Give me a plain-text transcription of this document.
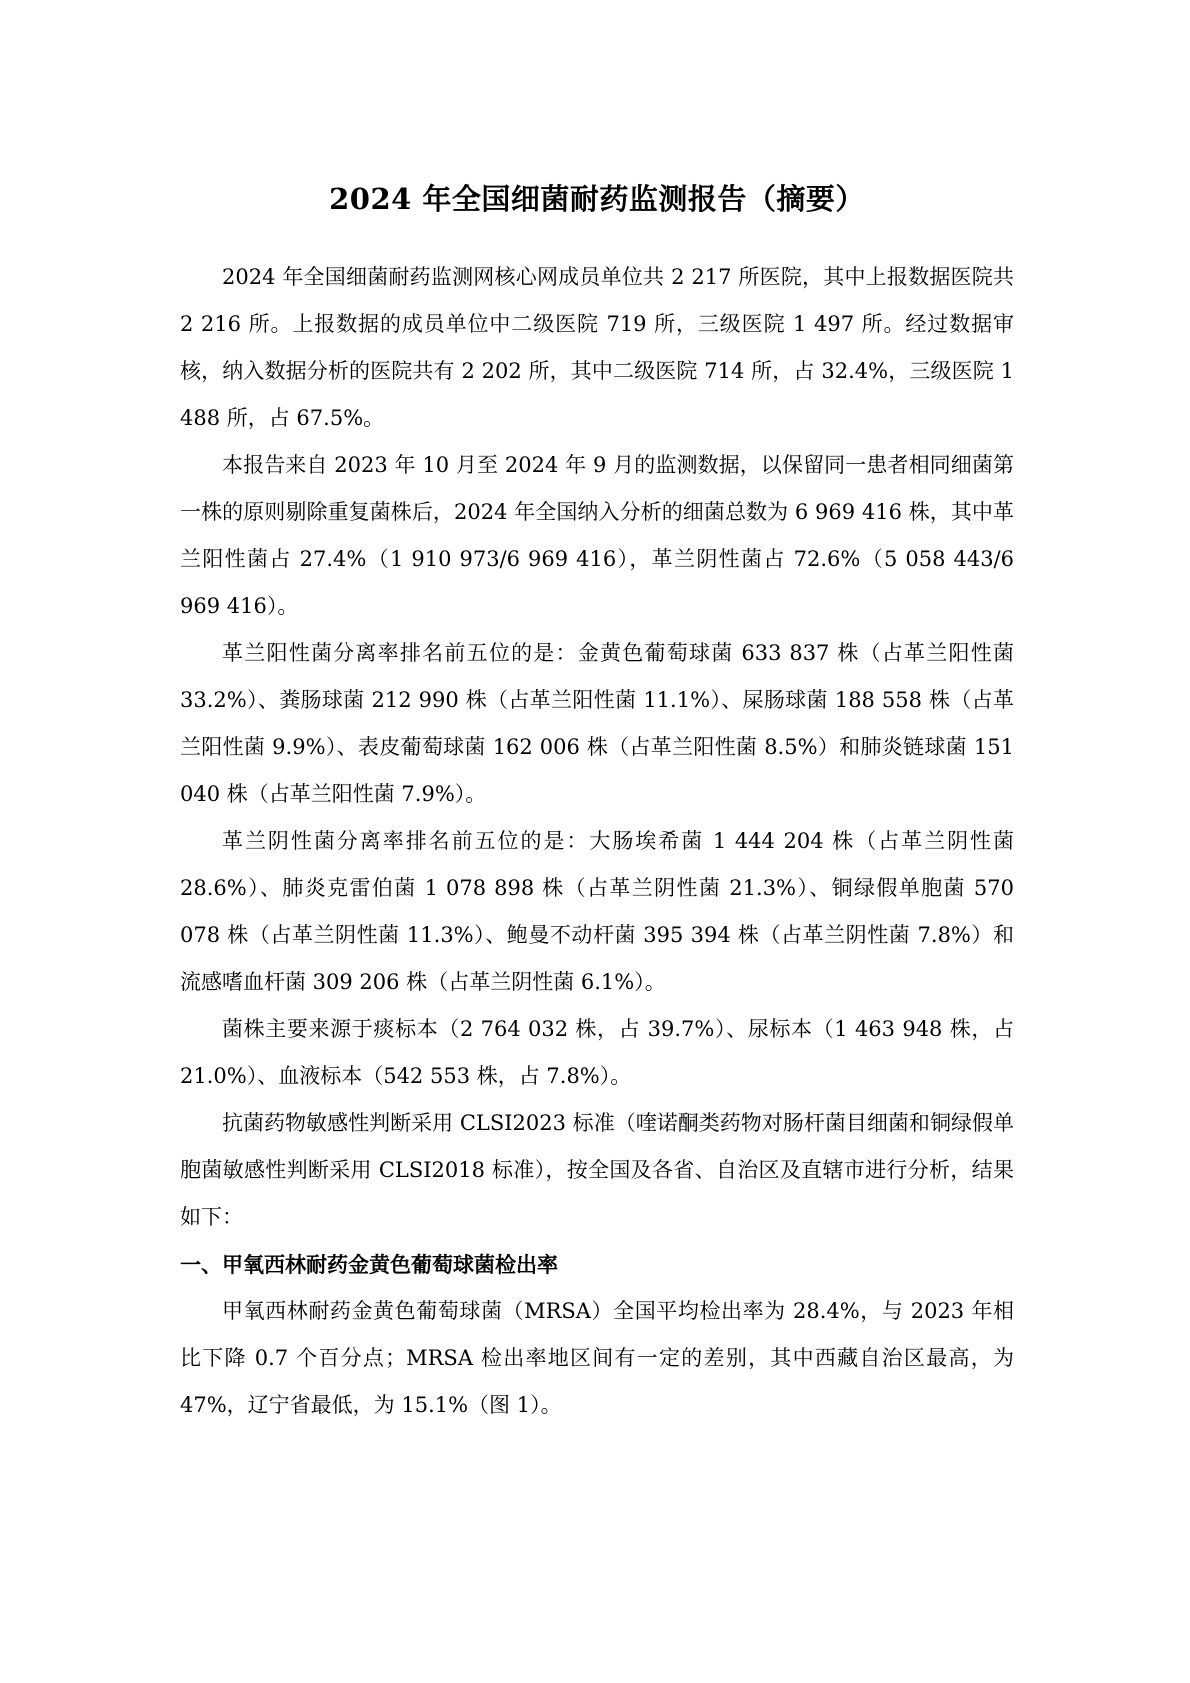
2024 年全国细菌耐药监测报告（摘要）

2024 年全国细菌耐药监测网核心网成员单位共 2 217 所医院，其中上报数据医院共 2 216 所。上报数据的成员单位中二级医院 719 所，三级医院 1 497 所。经过数据审核，纳入数据分析的医院共有 2 202 所，其中二级医院 714 所，占 32.4%，三级医院 1 488 所，占 67.5%。

本报告来自 2023 年 10 月至 2024 年 9 月的监测数据，以保留同一患者相同细菌第一株的原则剔除重复菌株后，2024 年全国纳入分析的细菌总数为 6 969 416 株，其中革兰阳性菌占 27.4%（1 910 973/6 969 416），革兰阴性菌占 72.6%（5 058 443/6 969 416）。

革兰阳性菌分离率排名前五位的是：金黄色葡萄球菌 633 837 株（占革兰阳性菌 33.2%）、粪肠球菌 212 990 株（占革兰阳性菌 11.1%）、屎肠球菌 188 558 株（占革兰阳性菌 9.9%）、表皮葡萄球菌 162 006 株（占革兰阳性菌 8.5%）和肺炎链球菌 151 040 株（占革兰阳性菌 7.9%）。

革兰阴性菌分离率排名前五位的是：大肠埃希菌 1 444 204 株（占革兰阴性菌 28.6%）、肺炎克雷伯菌 1 078 898 株（占革兰阴性菌 21.3%）、铜绿假单胞菌 570 078 株（占革兰阴性菌 11.3%）、鲍曼不动杆菌 395 394 株（占革兰阴性菌 7.8%）和流感嗜血杆菌 309 206 株（占革兰阴性菌 6.1%）。

菌株主要来源于痰标本（2 764 032 株，占 39.7%）、尿标本（1 463 948 株，占 21.0%）、血液标本（542 553 株，占 7.8%）。

抗菌药物敏感性判断采用 CLSI2023 标准（喹诺酮类药物对肠杆菌目细菌和铜绿假单胞菌敏感性判断采用 CLSI2018 标准），按全国及各省、自治区及直辖市进行分析，结果如下：

一、甲氧西林耐药金黄色葡萄球菌检出率

甲氧西林耐药金黄色葡萄球菌（MRSA）全国平均检出率为 28.4%，与 2023 年相比下降 0.7 个百分点；MRSA 检出率地区间有一定的差别，其中西藏自治区最高，为 47%，辽宁省最低，为 15.1%（图 1）。
